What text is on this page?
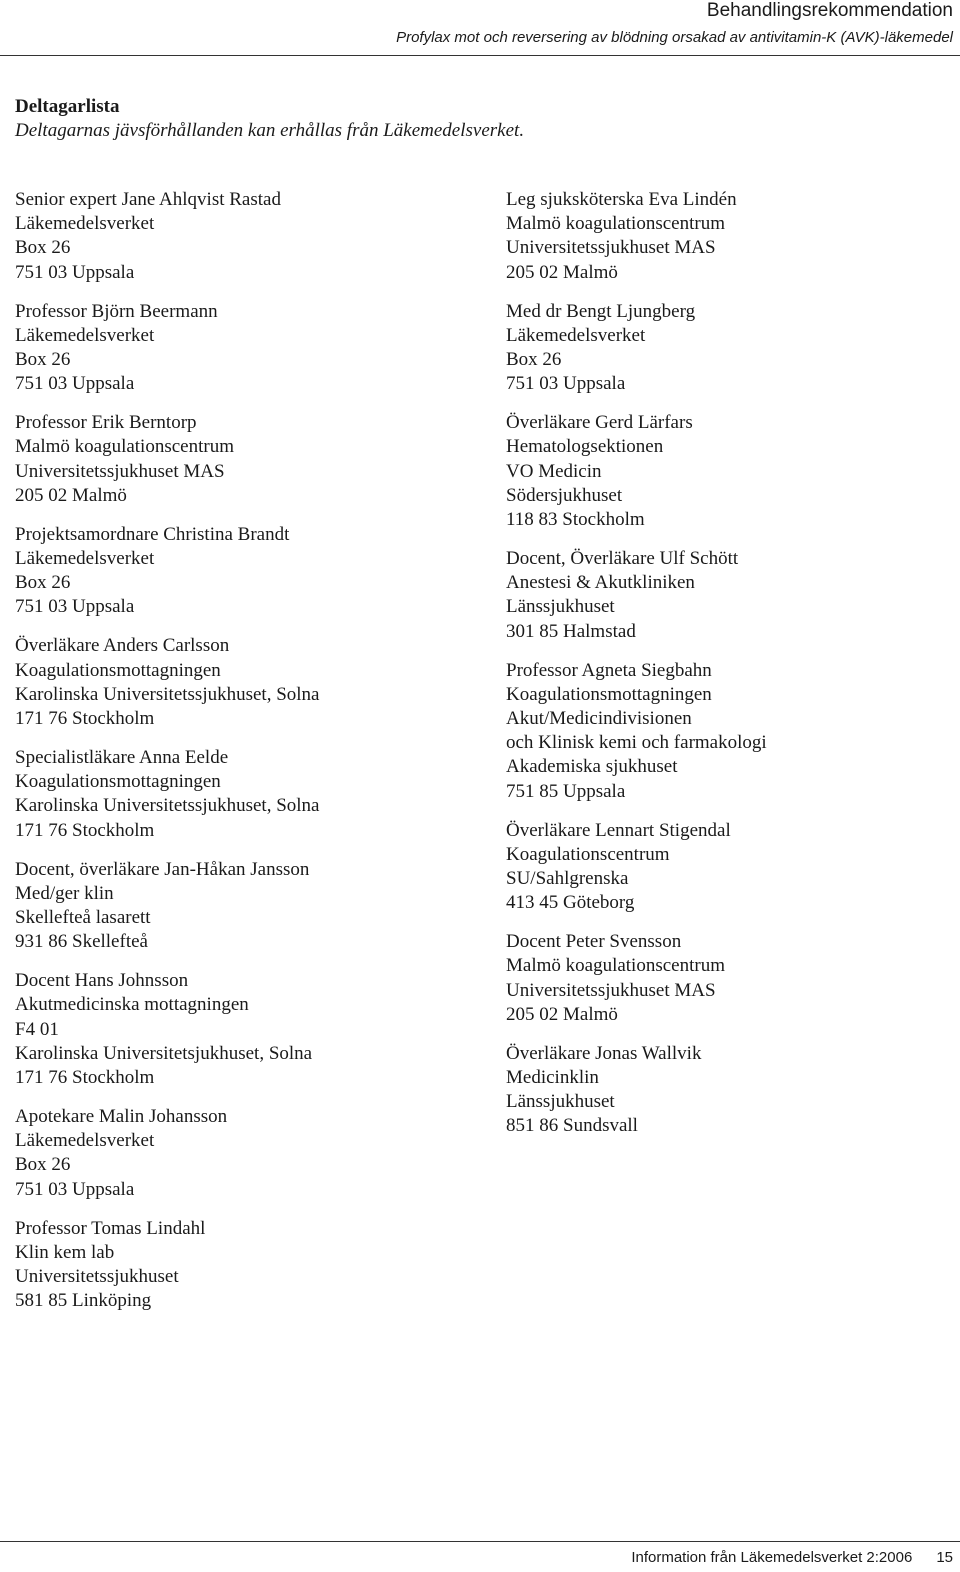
Behandlingsrekommendation
Profylax mot och reversering av blödning orsakad av antivitamin-K (AVK)-läkemedel
Deltagarlista
Deltagarnas jävsförhållanden kan erhållas från Läkemedelsverket.
Senior expert Jane Ahlqvist Rastad
Läkemedelsverket
Box 26
751 03 Uppsala
Professor Björn Beermann
Läkemedelsverket
Box 26
751 03 Uppsala
Professor Erik Berntorp
Malmö koagulationscentrum
Universitetssjukhuset MAS
205 02 Malmö
Projektsamordnare Christina Brandt
Läkemedelsverket
Box 26
751 03 Uppsala
Överläkare Anders Carlsson
Koagulationsmottagningen
Karolinska Universitetssjukhuset, Solna
171 76 Stockholm
Specialistläkare Anna Eelde
Koagulationsmottagningen
Karolinska Universitetssjukhuset, Solna
171 76 Stockholm
Docent, överläkare Jan-Håkan Jansson
Med/ger klin
Skellefteå lasarett
931 86 Skellefteå
Docent Hans Johnsson
Akutmedicinska mottagningen
F4 01
Karolinska Universitetsjukhuset, Solna
171 76 Stockholm
Apotekare Malin Johansson
Läkemedelsverket
Box 26
751 03 Uppsala
Professor Tomas Lindahl
Klin kem lab
Universitetssjukhuset
581 85 Linköping
Leg sjuksköterska Eva Lindén
Malmö koagulationscentrum
Universitetssjukhuset MAS
205 02 Malmö
Med dr Bengt Ljungberg
Läkemedelsverket
Box 26
751 03 Uppsala
Överläkare Gerd Lärfars
Hematologsektionen
VO Medicin
Södersjukhuset
118 83 Stockholm
Docent, Överläkare Ulf Schött
Anestesi & Akutkliniken
Länssjukhuset
301 85 Halmstad
Professor Agneta Siegbahn
Koagulationsmottagningen
Akut/Medicindivisionen
och Klinisk kemi och farmakologi
Akademiska sjukhuset
751 85 Uppsala
Överläkare Lennart Stigendal
Koagulationscentrum
SU/Sahlgrenska
413 45 Göteborg
Docent Peter Svensson
Malmö koagulationscentrum
Universitetssjukhuset MAS
205 02 Malmö
Överläkare Jonas Wallvik
Medicinklin
Länssjukhuset
851 86 Sundsvall
Information från Läkemedelsverket 2:2006 15
